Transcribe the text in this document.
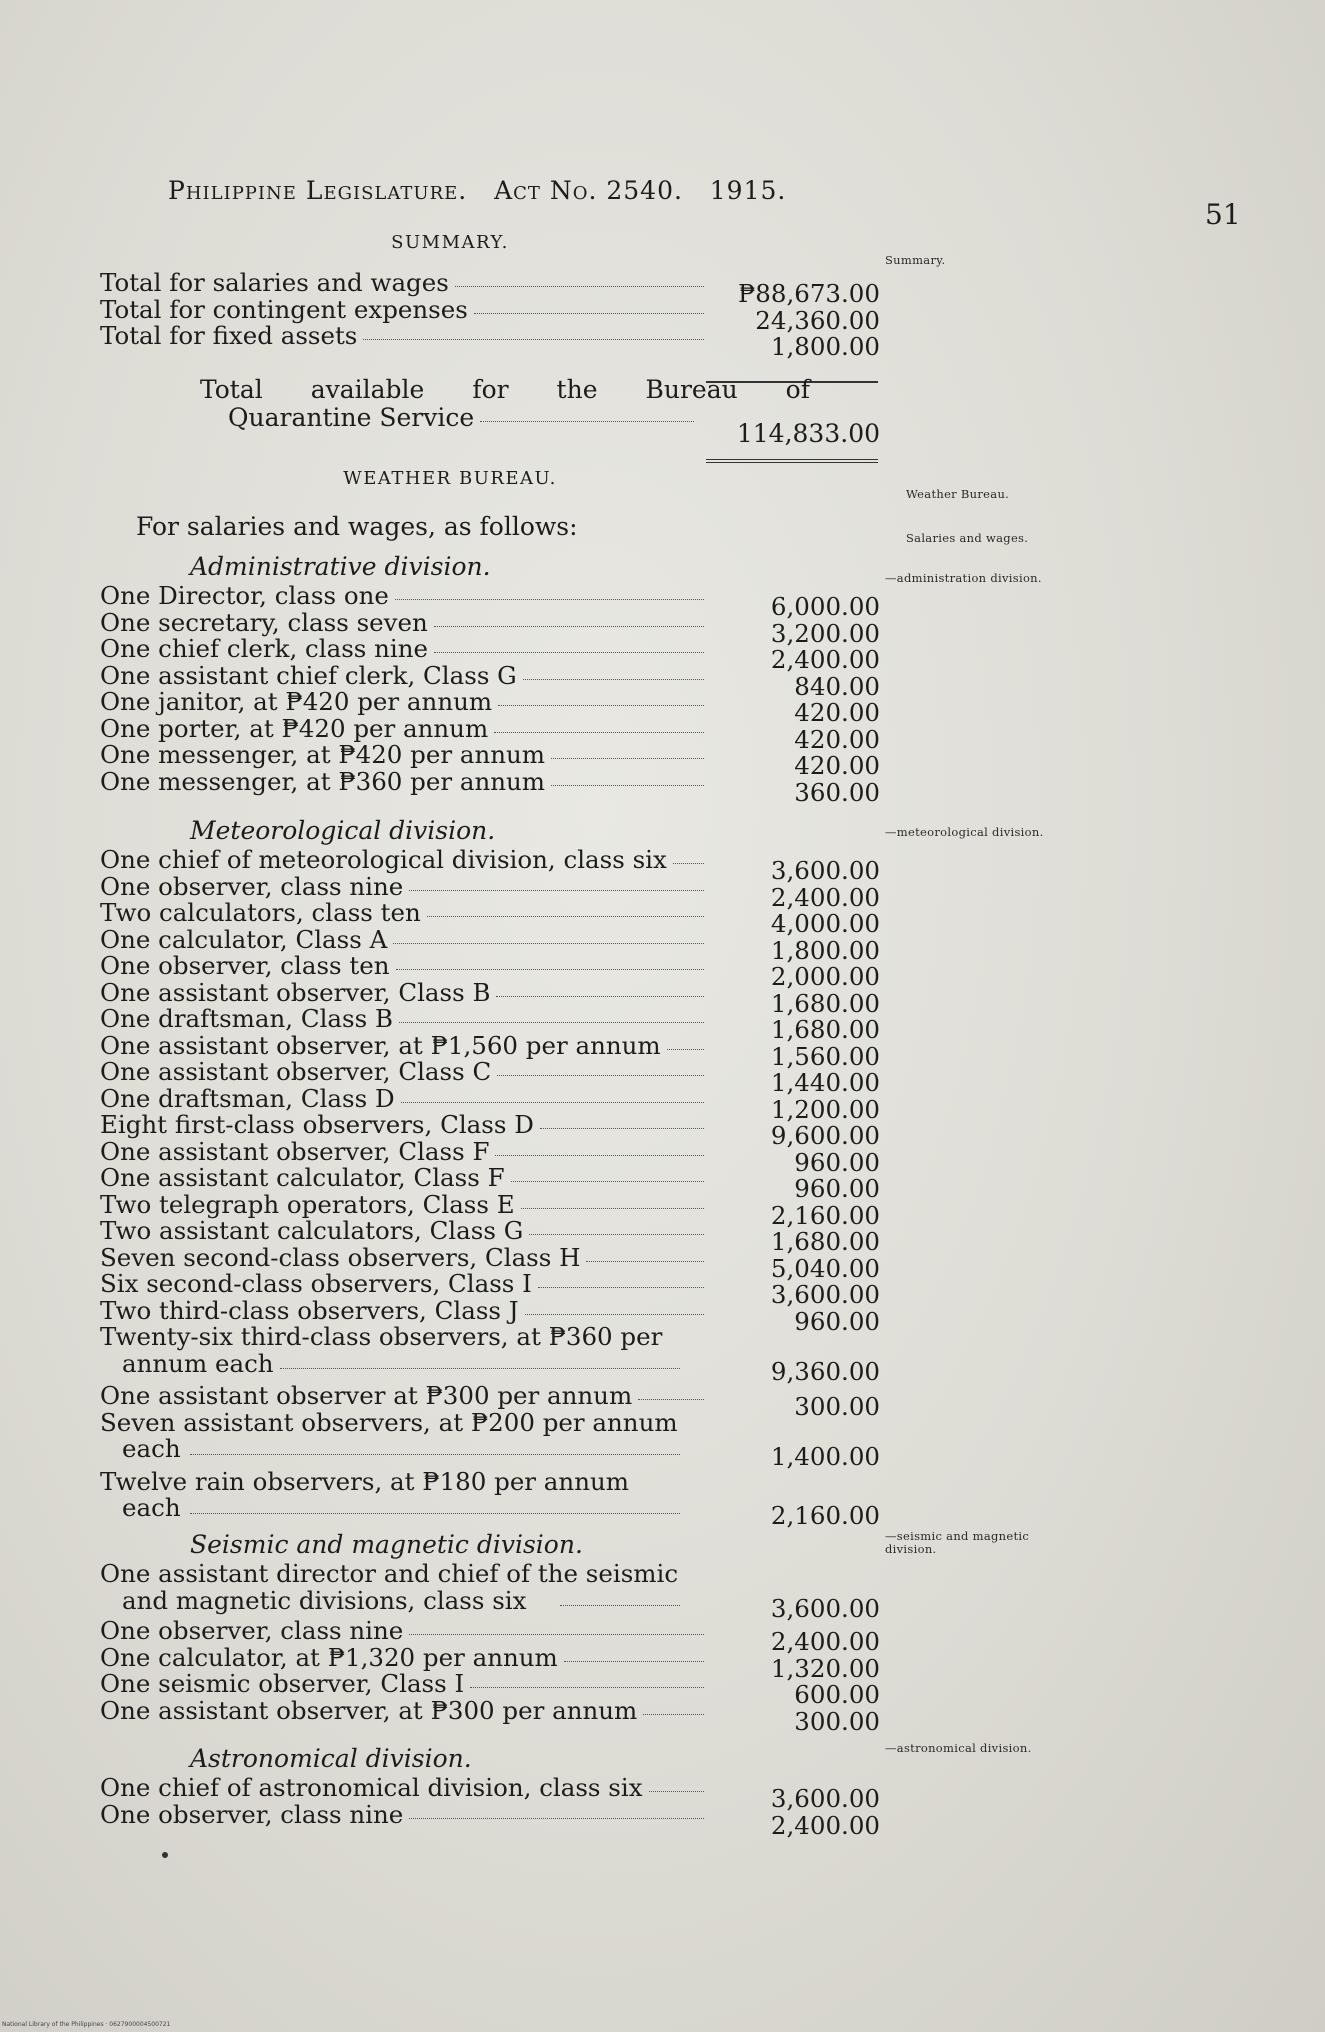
Philippine Legislature. Act No. 2540. 1915.
51
SUMMARY.
Summary.
Total for salaries and wages	₱88,673.00
Total for contingent expenses	24,360.00
Total for fixed assets	1,800.00
Total available for the Bureau of
Quarantine Service
114,833.00
WEATHER BUREAU.
Weather Bureau.
For salaries and wages, as follows:	Salaries and wages.
Administrative division.
One Director, class one	6,000.00
One secretary, class seven	3,200.00
One chief clerk, class nine	2,400.00
One assistant chief clerk, Class G	840.00
One janitor, at ₱420 per annum	420.00
One porter, at ₱420 per annum	420.00
One messenger, at ₱420 per annum	420.00
One messenger, at ₱360 per annum	360.00
—administration division.
Meteorological division.
One chief of meteorological division, class six	3,600.00
One observer, class nine	2,400.00
Two calculators, class ten	4,000.00
One calculator, Class A	1,800.00
One observer, class ten	2,000.00
One assistant observer, Class B	1,680.00
One draftsman, Class B	1,680.00
One assistant observer, at ₱1,560 per annum	1,560.00
One assistant observer, Class C	1,440.00
One draftsman, Class D	1,200.00
Eight first-class observers, Class D	9,600.00
One assistant observer, Class F	960.00
One assistant calculator, Class F	960.00
Two telegraph operators, Class E	2,160.00
Two assistant calculators, Class G	1,680.00
Seven second-class observers, Class H	5,040.00
Six second-class observers, Class I	3,600.00
Two third-class observers, Class J	960.00
Twenty-six third-class observers, at ₱360 per
annum each	9,360.00
One assistant observer at ₱300 per annum	300.00
Seven assistant observers, at ₱200 per annum
each	1,400.00
Twelve rain observers, at ₱180 per annum
each	2,160.00
—meteorological division.
Seismic and magnetic division.
One assistant director and chief of the seismic
and magnetic divisions, class six	3,600.00
One observer, class nine	2,400.00
One calculator, at ₱1,320 per annum	1,320.00
One seismic observer, Class I	600.00
One assistant observer, at ₱300 per annum	300.00
—seismic and magnetic division.
Astronomical division.
One chief of astronomical division, class six	3,600.00
One observer, class nine	2,400.00
—astronomical division.
National Library of the Philippines · 0627900004500721
